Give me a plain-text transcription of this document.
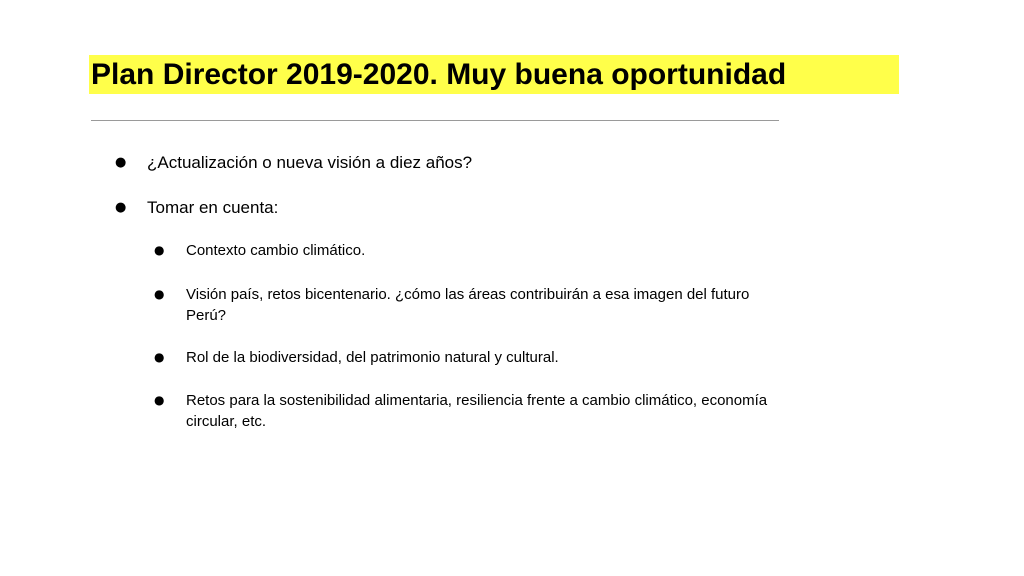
Plan Director 2019-2020. Muy buena oportunidad
● ¿Actualización o nueva visión a diez años?
● Tomar en cuenta:
● Contexto cambio climático.
● Visión país, retos bicentenario. ¿cómo las áreas contribuirán a esa imagen del futuro
Perú?
● Rol de la biodiversidad, del patrimonio natural y cultural.
● Retos para la sostenibilidad alimentaria, resiliencia frente a cambio climático, economía
circular, etc.
